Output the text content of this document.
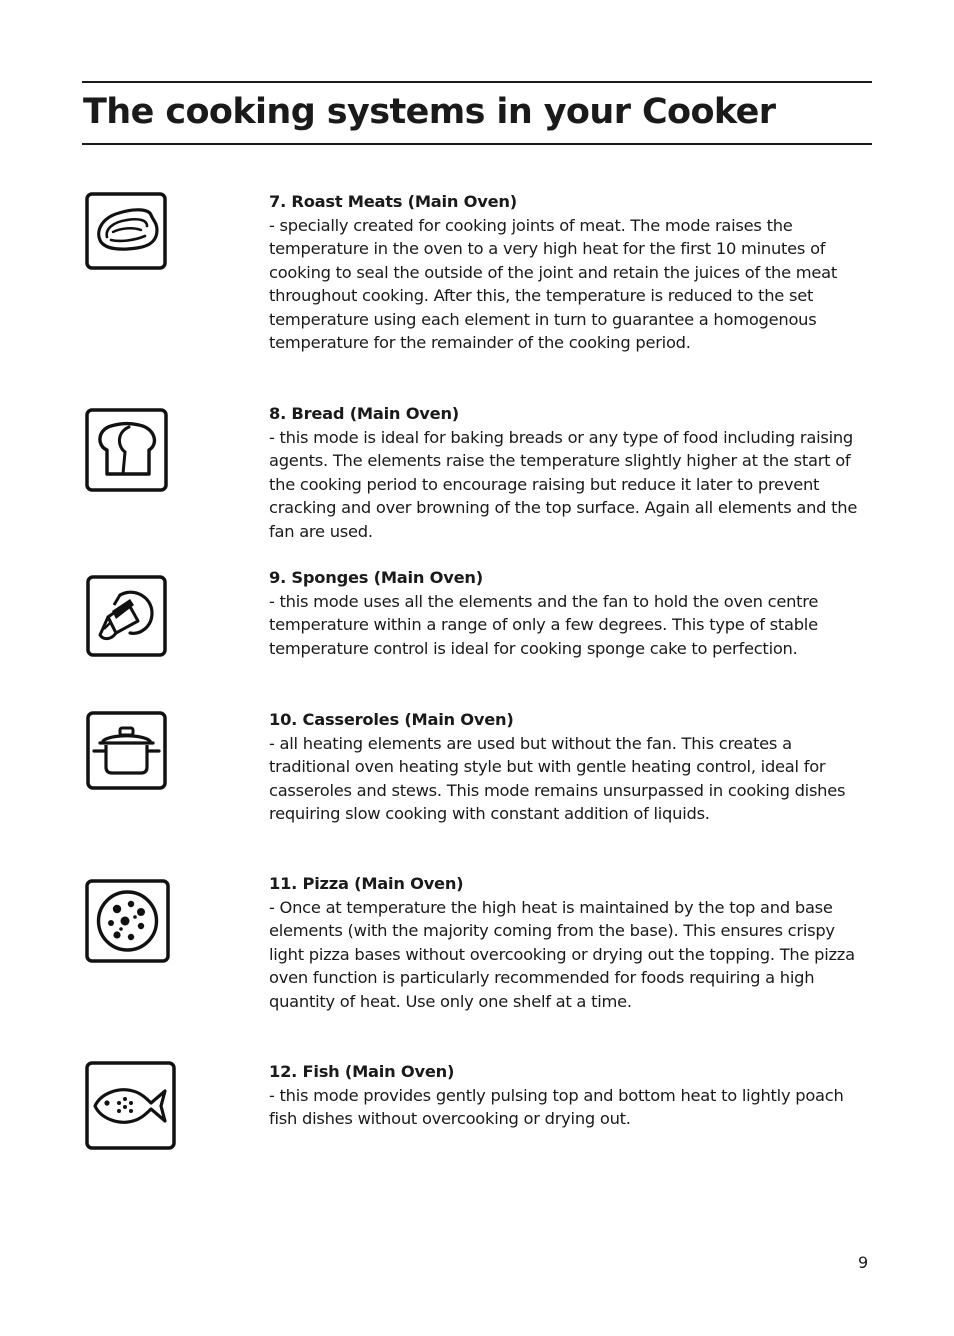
The cooking systems in your Cooker

7. Roast Meats (Main Oven)

- specially created for cooking joints of meat. The mode raises the temperature in the oven to a very high heat for the first 10 minutes of cooking to seal the outside of the joint and retain the juices of the meat throughout cooking. After this, the temperature is reduced to the set temperature using each element in turn to guarantee a homogenous temperature for the remainder of the cooking period.

8. Bread (Main Oven)

- this mode is ideal for baking breads or any type of food including raising agents. The elements raise the temperature slightly higher at the start of the cooking period to encourage raising but reduce it later to prevent cracking and over browning of the top surface. Again all elements and the fan are used.

9. Sponges (Main Oven)

- this mode uses all the elements and the fan to hold the oven centre temperature within a range of only a few degrees. This type of stable temperature control is ideal for cooking sponge cake to perfection.

10. Casseroles (Main Oven)

- all heating elements are used but without the fan. This creates a traditional oven heating style but with gentle heating control, ideal for casseroles and stews. This mode remains unsurpassed in cooking dishes requiring slow cooking with constant addition of liquids.

11. Pizza (Main Oven)

- Once at temperature the high heat is maintained by the top and base elements (with the majority coming from the base). This ensures crispy light pizza bases without overcooking or drying out the topping. The pizza oven function is particularly recommended for foods requiring a high quantity of heat. Use only one shelf at a time.

12. Fish (Main Oven)

- this mode provides gently pulsing top and bottom heat to lightly poach fish dishes without overcooking or drying out.

9
